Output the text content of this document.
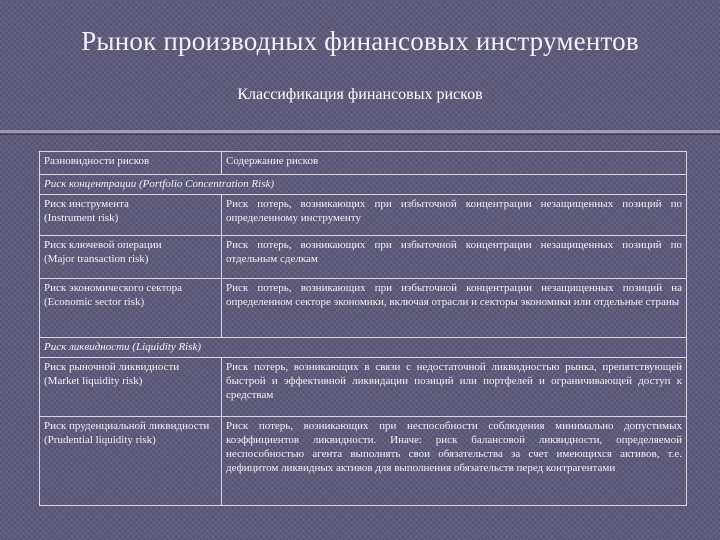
Рынок производных финансовых инструментов
Классификация финансовых рисков
Разновидности рисков	Содержание рисков
Риск концентрации (Portfolio Concentration Risk)	

Риск инструмента
(Instrument risk)	Риск потерь, возникающих при избыточной концентрации незащищенных позиций по определенному инструменту

Риск ключевой операции
(Major transaction risk)	Риск потерь, возникающих при избыточной концентрации незащищенных позиций по отдельным сделкам

Риск экономического сектора
(Economic sector risk)	Риск потерь, возникающих при избыточной концентрации незащищенных позиций на определенном секторе экономики, включая отрасли и секторы экономики или отдельные страны
Риск ликвидности (Liquidity Risk)	

Риск рыночной ликвидности
(Market liquidity risk)	Риск потерь, возникающих в связи с недостаточной ликвидностью рынка, препятствующей быстрой и эффективной ликвидации позиций или портфелей и ограничивающей доступ к средствам

Риск пруденциальной ликвидности
(Prudential liquidity risk)	Риск потерь, возникающих при неспособности соблюдения минимально допустимых коэффициентов ликвидности. Иначе: риск балансовой ликвидности, определяемой неспособностью агента выполнять свои обязательства за счет имеющихся активов, т.е. дефицитом ликвидных активов для выполнения обязательств перед контрагентами
